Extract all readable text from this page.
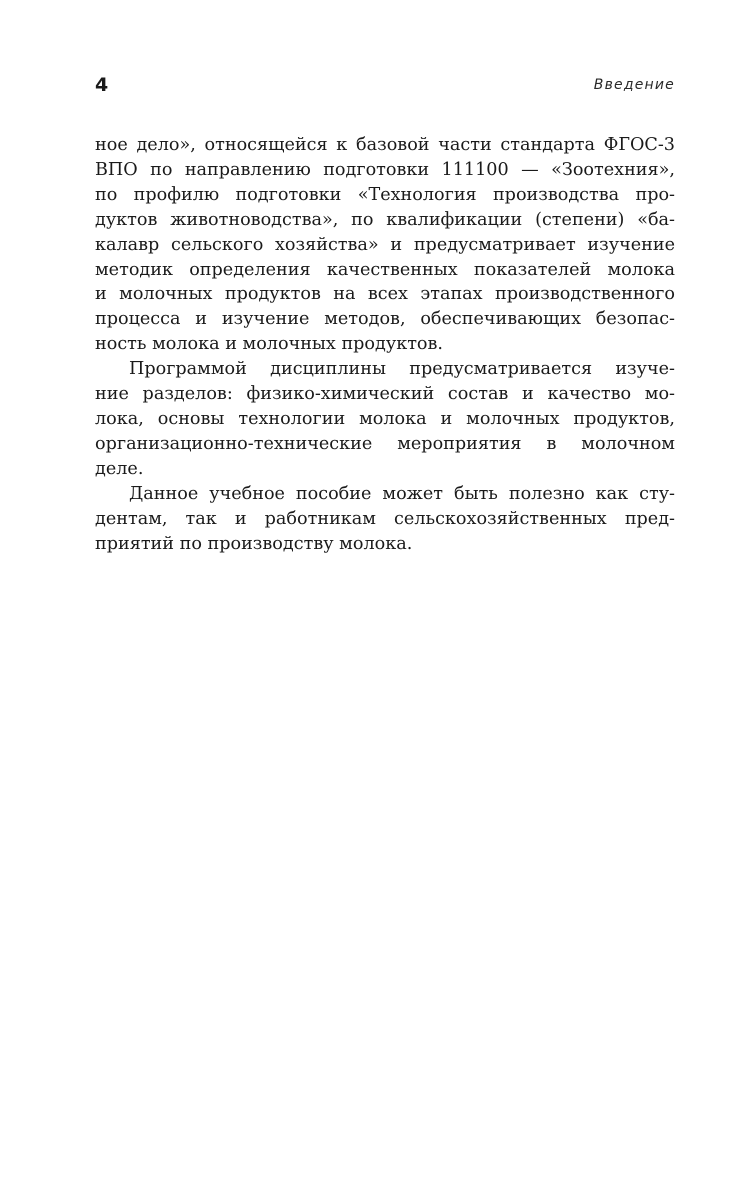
4	Введение

ное дело», относящейся к базовой части стандарта ФГОС-3
ВПО по направлению подготовки 111100 — «Зоотехния»,
по профилю подготовки «Технология производства про-
дуктов животноводства», по квалификации (степени) «ба-
калавр сельского хозяйства» и предусматривает изучение
методик определения качественных показателей молока
и молочных продуктов на всех этапах производственного
процесса и изучение методов, обеспечивающих безопас-
ность молока и молочных продуктов.

Программой дисциплины предусматривается изуче-
ние разделов: физико-химический состав и качество мо-
лока, основы технологии молока и молочных продуктов,
организационно-технические мероприятия в молочном
деле.

Данное учебное пособие может быть полезно как сту-
дентам, так и работникам сельскохозяйственных пред-
приятий по производству молока.
